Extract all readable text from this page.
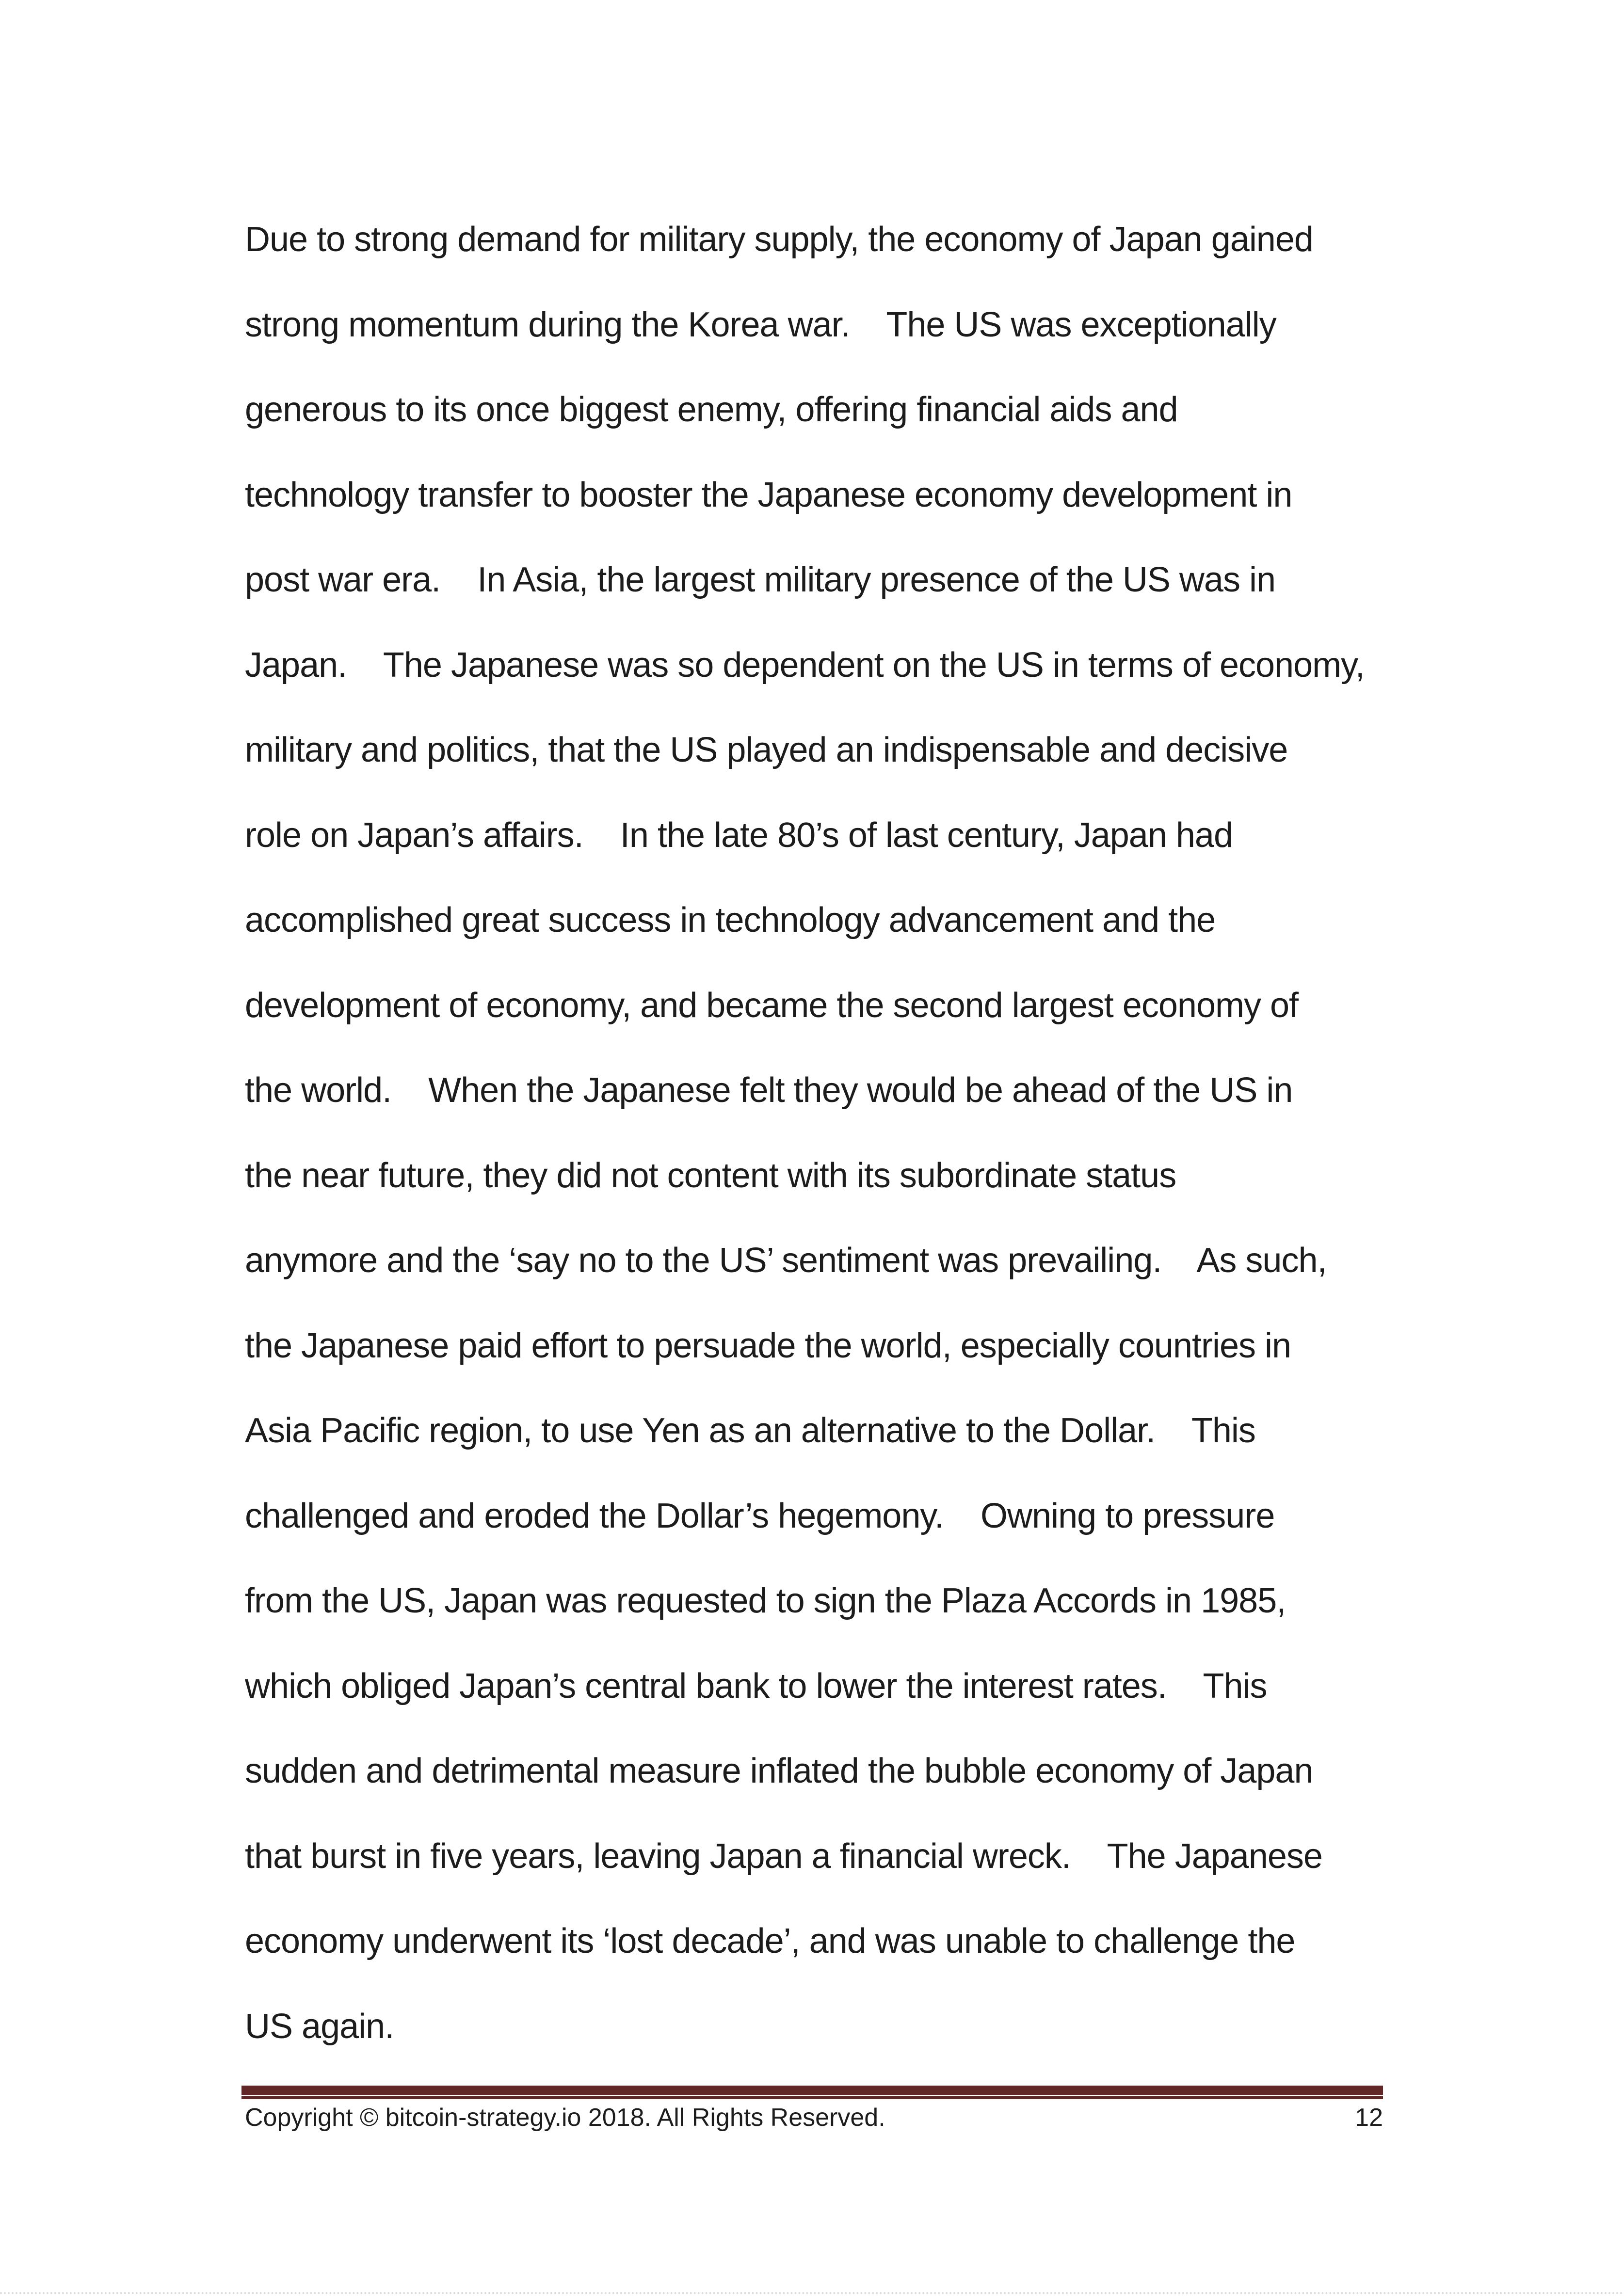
Due to strong demand for military supply, the economy of Japan gained
strong momentum during the Korea war.    The US was exceptionally
generous to its once biggest enemy, offering financial aids and
technology transfer to booster the Japanese economy development in
post war era.    In Asia, the largest military presence of the US was in
Japan.    The Japanese was so dependent on the US in terms of economy,
military and politics, that the US played an indispensable and decisive
role on Japan’s affairs.    In the late 80’s of last century, Japan had
accomplished great success in technology advancement and the
development of economy, and became the second largest economy of
the world.    When the Japanese felt they would be ahead of the US in
the near future, they did not content with its subordinate status
anymore and the ‘say no to the US’ sentiment was prevailing.    As such,
the Japanese paid effort to persuade the world, especially countries in
Asia Pacific region, to use Yen as an alternative to the Dollar.    This
challenged and eroded the Dollar’s hegemony.    Owning to pressure
from the US, Japan was requested to sign the Plaza Accords in 1985,
which obliged Japan’s central bank to lower the interest rates.    This
sudden and detrimental measure inflated the bubble economy of Japan
that burst in five years, leaving Japan a financial wreck.    The Japanese
economy underwent its ‘lost decade’, and was unable to challenge the
US again.
Copyright © bitcoin-strategy.io 2018. All Rights Reserved.	12
